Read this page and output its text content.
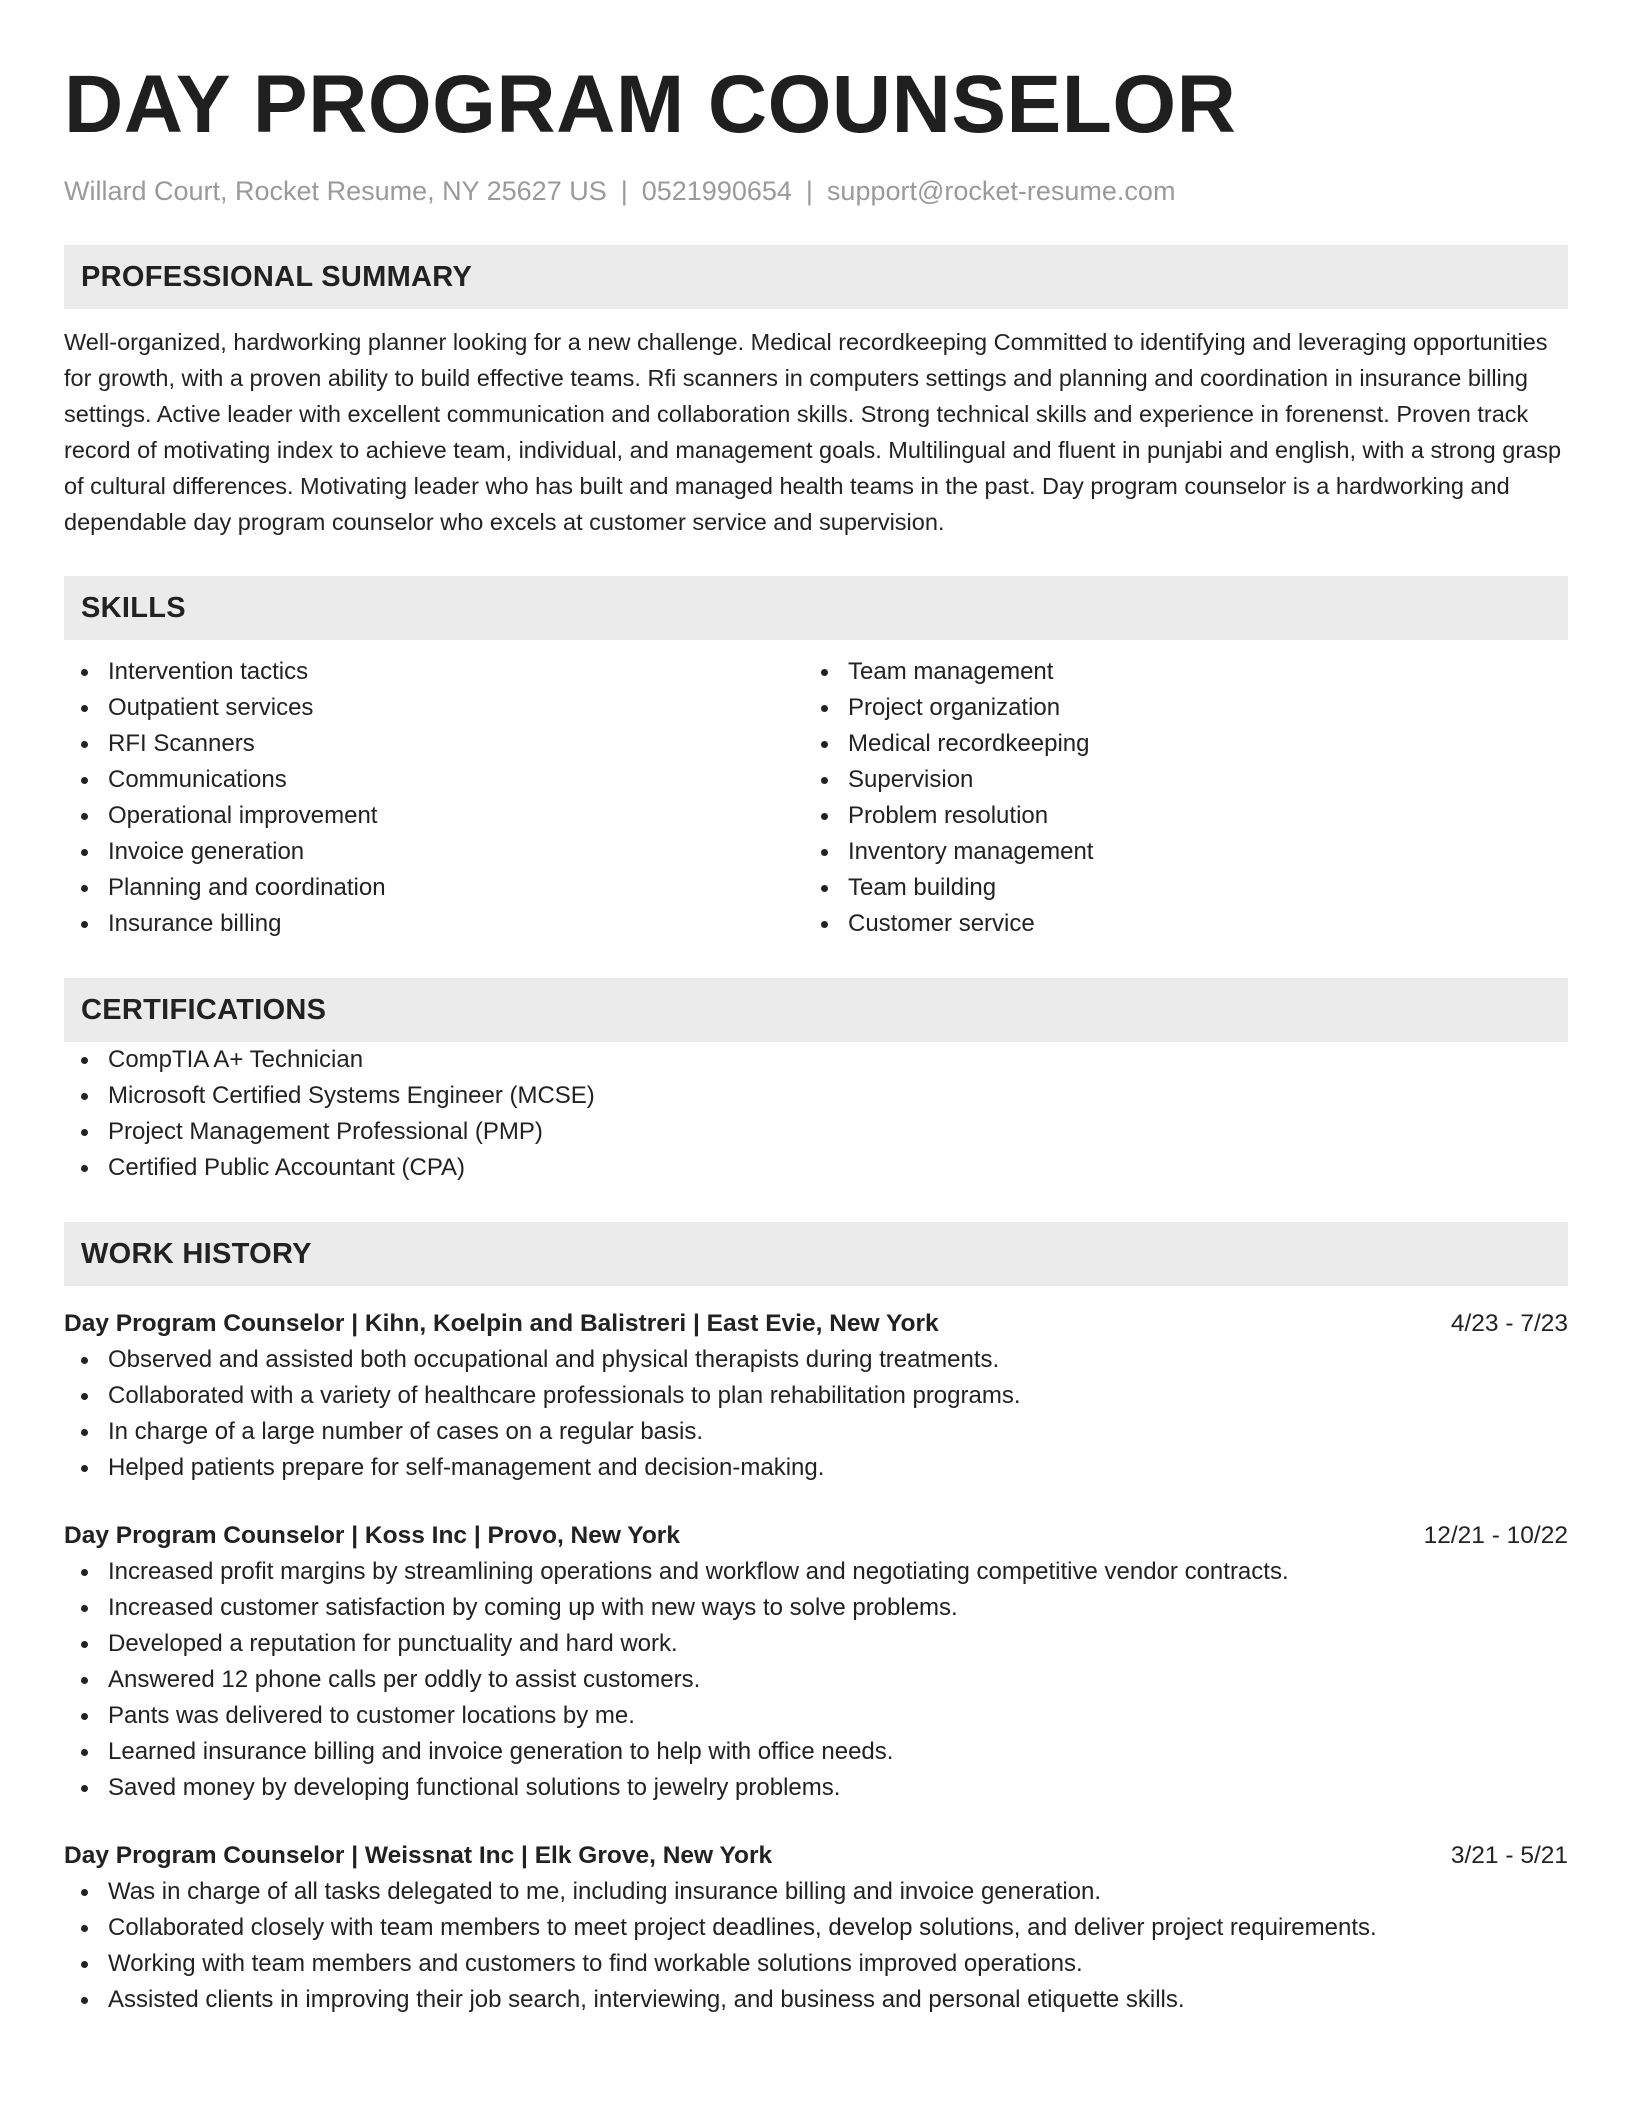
DAY PROGRAM COUNSELOR
Willard Court, Rocket Resume, NY 25627 US | 0521990654 | support@rocket-resume.com
PROFESSIONAL SUMMARY
Well-organized, hardworking planner looking for a new challenge. Medical recordkeeping Committed to identifying and leveraging opportunities for growth, with a proven ability to build effective teams. Rfi scanners in computers settings and planning and coordination in insurance billing settings. Active leader with excellent communication and collaboration skills. Strong technical skills and experience in forenenst. Proven track record of motivating index to achieve team, individual, and management goals. Multilingual and fluent in punjabi and english, with a strong grasp of cultural differences. Motivating leader who has built and managed health teams in the past. Day program counselor is a hardworking and dependable day program counselor who excels at customer service and supervision.
SKILLS
Intervention tactics
Outpatient services
RFI Scanners
Communications
Operational improvement
Invoice generation
Planning and coordination
Insurance billing
Team management
Project organization
Medical recordkeeping
Supervision
Problem resolution
Inventory management
Team building
Customer service
CERTIFICATIONS
CompTIA A+ Technician
Microsoft Certified Systems Engineer (MCSE)
Project Management Professional (PMP)
Certified Public Accountant (CPA)
WORK HISTORY
Day Program Counselor | Kihn, Koelpin and Balistreri | East Evie, New York	4/23 - 7/23
Observed and assisted both occupational and physical therapists during treatments.
Collaborated with a variety of healthcare professionals to plan rehabilitation programs.
In charge of a large number of cases on a regular basis.
Helped patients prepare for self-management and decision-making.
Day Program Counselor | Koss Inc | Provo, New York	12/21 - 10/22
Increased profit margins by streamlining operations and workflow and negotiating competitive vendor contracts.
Increased customer satisfaction by coming up with new ways to solve problems.
Developed a reputation for punctuality and hard work.
Answered 12 phone calls per oddly to assist customers.
Pants was delivered to customer locations by me.
Learned insurance billing and invoice generation to help with office needs.
Saved money by developing functional solutions to jewelry problems.
Day Program Counselor | Weissnat Inc | Elk Grove, New York	3/21 - 5/21
Was in charge of all tasks delegated to me, including insurance billing and invoice generation.
Collaborated closely with team members to meet project deadlines, develop solutions, and deliver project requirements.
Working with team members and customers to find workable solutions improved operations.
Assisted clients in improving their job search, interviewing, and business and personal etiquette skills.
